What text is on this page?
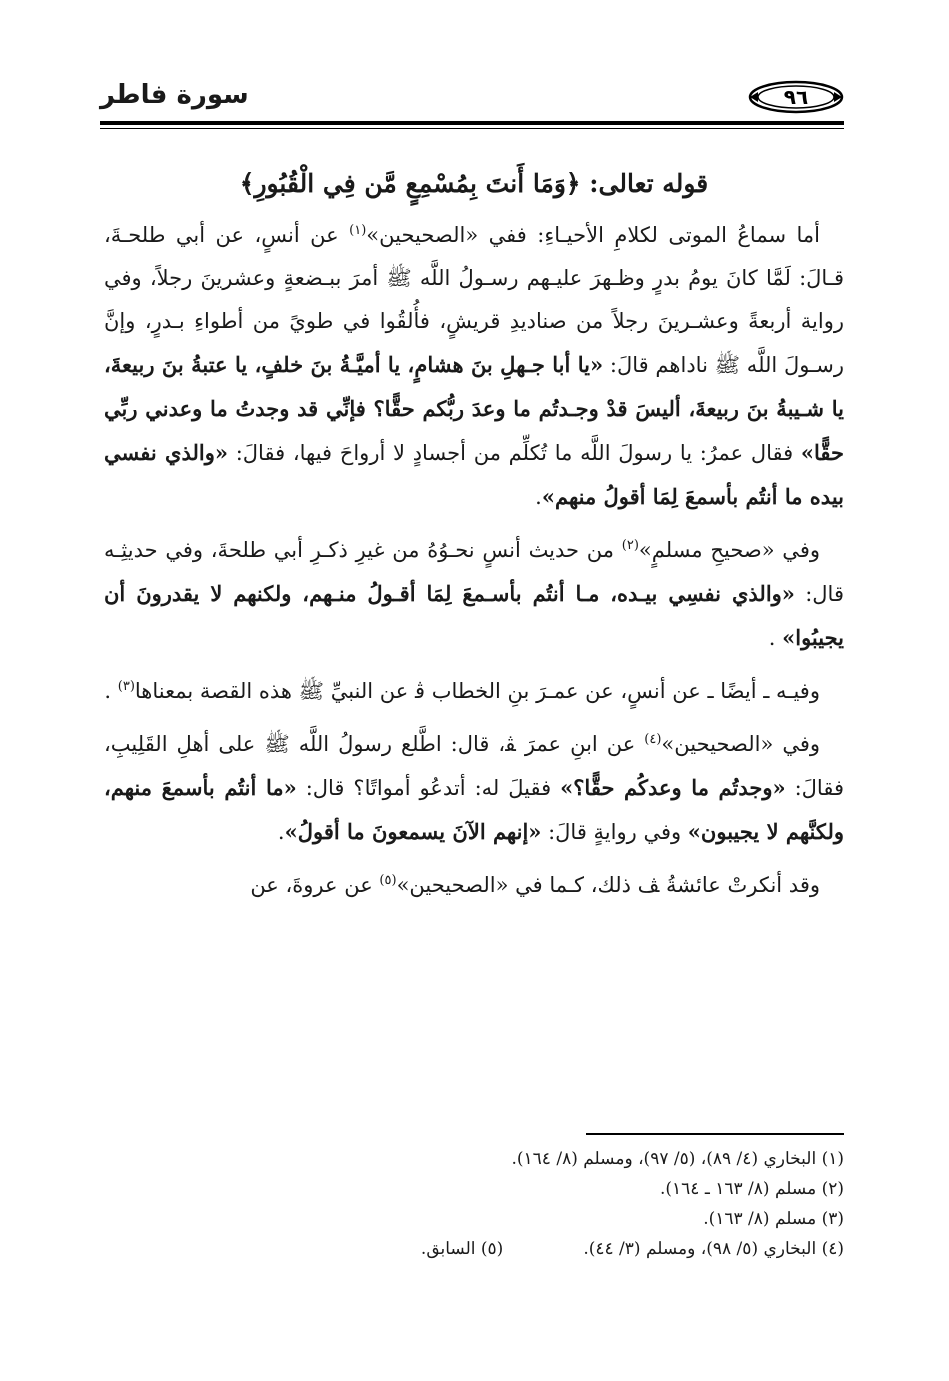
٩٦
سورة فاطر
قوله تعالى: ﴿وَمَا أَنتَ بِمُسْمِعٍ مَّن فِي الْقُبُورِ﴾

أما سماعُ الموتى لكلامِ الأحيـاءِ: ففي «الصحيحين»$^{(١)}$ عن أنسٍ، عن أبي طلحـةَ، قـالَ: لَمَّا كانَ يومُ بدرٍ وظـهرَ عليـهم رسـولُ اللَّه ﷺ أمرَ ببـضعةٍ وعشرينَ رجلاً، وفي رواية أربعةً وعشـرينَ رجلاً من صناديدِ قريشٍ، فأُلقُوا في طويً من أطواءِ بـدرٍ، وإنَّ رسـولَ اللَّه ﷺ ناداهم قالَ: «يا أبا جـهلِ بنَ هشامٍ، يا أميَّـةُ بنَ خلفٍ، يا عتبةُ بنَ ربيعةَ، يا شـيبةُ بنَ ربيعةَ، أليسَ قدْ وجـدتُم ما وعدَ ربُّكم حقًّا؟ فإنِّي قد وجدتُ ما وعدني ربِّي حقًّا» فقال عمرُ: يا رسولَ اللَّه ما تُكلِّم من أجسادٍ لا أرواحَ فيها، فقالَ: «والذي نفسي بيده ما أنتُم بأسمعَ لِمَا أقولُ منهم».

وفي «صحيحِ مسلمٍ»$^{(٢)}$ من حديث أنسٍ نحـوُهُ من غيرِ ذكـرِ أبي طلحةَ، وفي حديثِـه قال: «والذي نفسِي بيـده، مـا أنتُم بأسـمعَ لِمَا أقـولُ منـهم، ولكنهم لا يقدرونَ أن يجيبُوا» .

وفيـه ـ أيضًا ـ عن أنسٍ، عن عمـرَ بنِ الخطاب ﭬ عن النبيِّ ﷺ هذه القصة بمعناها$^{(٣)}$ .

وفي «الصحيحين»$^{(٤)}$ عن ابنِ عمرَ ﭭ، قال: اطَّلع رسولُ اللَّه ﷺ على أهلِ القَلِيبِ، فقالَ: «وجدتُم ما وعدكُم حقًّا؟» فقيلَ له: أتدعُو أمواتًا؟ قال: «ما أنتُم بأسمعَ منهم، ولكنَّهم لا يجيبون» وفي روايةٍ قالَ: «إنهم الآنَ يسمعونَ ما أقولُ».

وقد أنكرتْ عائشةُ ﭫ ذلك، كـما في «الصحيحين»$^{(٥)}$ عن عروةَ، عن

(١) البخاري (٤/ ٨٩)، (٥/ ٩٧)، ومسلم (٨/ ١٦٤).

(٢) مسلم (٨/ ١٦٣ ـ ١٦٤).

(٣) مسلم (٨/ ١٦٣).

(٤) البخاري (٥/ ٩٨)، ومسلم (٣/ ٤٤).

(٥) السابق.
